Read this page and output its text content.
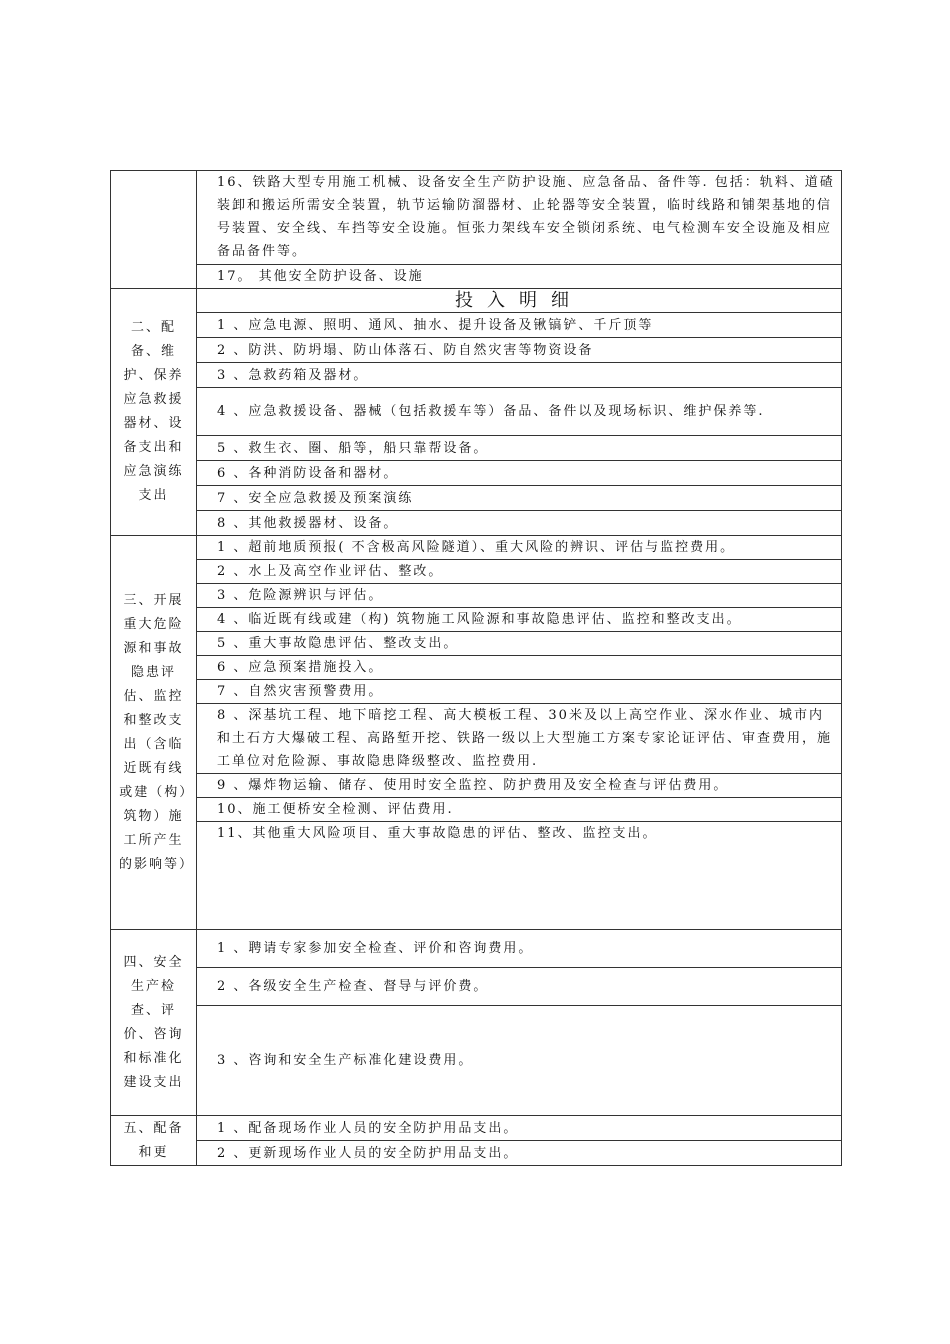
	16、铁路大型专用施工机械、设备安全生产防护设施、应急备品、备件等. 包括：轨料、道碴装卸和搬运所需安全装置，轨节运输防溜器材、止轮器等安全装置，临时线路和铺架基地的信号装置、安全线、车挡等安全设施。恒张力架线车安全锁闭系统、电气检测车安全设施及相应备品备件等。
	17。 其他安全防护设备、设施

二、配备、维护、保养应急救援器材、设备支出和应急演练支出	投入明细
	1 、应急电源、照明、通风、抽水、提升设备及锹镐铲、千斤顶等
	2 、防洪、防坍塌、防山体落石、防自然灾害等物资设备
	3 、急救药箱及器材。
	4 、应急救援设备、器械（包括救援车等）备品、备件以及现场标识、维护保养等.
	5 、救生衣、圈、船等，船只靠帮设备。
	6 、各种消防设备和器材。
	7 、安全应急救援及预案演练
	8 、其他救援器材、设备。

三、开展重大危险源和事故隐患评估、监控和整改支出（含临近既有线或建（构）筑物）施工所产生的影响等）	1 、超前地质预报( 不含极高风险隧道）、重大风险的辨识、评估与监控费用。
	2 、水上及高空作业评估、整改。
	3 、危险源辨识与评估。
	4 、临近既有线或建（构) 筑物施工风险源和事故隐患评估、监控和整改支出。
	5 、重大事故隐患评估、整改支出。
	6 、应急预案措施投入。
	7 、自然灾害预警费用。
	8 、深基坑工程、地下暗挖工程、高大模板工程、30米及以上高空作业、深水作业、城市内和土石方大爆破工程、高路堑开挖、铁路一级以上大型施工方案专家论证评估、审查费用，施工单位对危险源、事故隐患降级整改、监控费用.
	9 、爆炸物运输、储存、使用时安全监控、防护费用及安全检查与评估费用。
	10、施工便桥安全检测、评估费用.
	11、其他重大风险项目、重大事故隐患的评估、整改、监控支出。

四、安全生产检查、评价、咨询和标准化建设支出	1 、聘请专家参加安全检查、评价和咨询费用。
	2 、各级安全生产检查、督导与评价费。
	3 、咨询和安全生产标准化建设费用。

五、配备和更	1 、配备现场作业人员的安全防护用品支出。
	2 、更新现场作业人员的安全防护用品支出。
